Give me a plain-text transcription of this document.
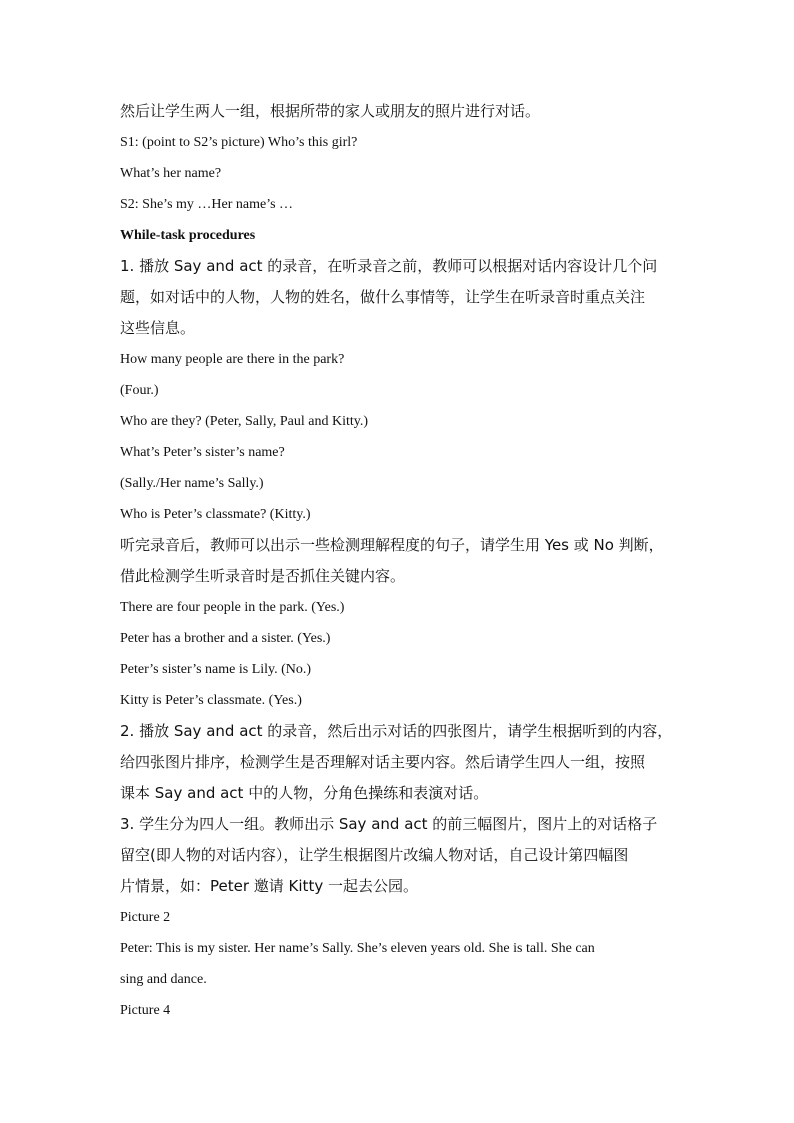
然后让学生两人一组，根据所带的家人或朋友的照片进行对话。
S1: (point to S2’s picture) Who’s this girl?
What’s her name?
S2: She’s my …Her name’s …
While-task procedures
1. 播放 Say and act 的录音，在听录音之前，教师可以根据对话内容设计几个问
题，如对话中的人物，人物的姓名，做什么事情等，让学生在听录音时重点关注
这些信息。
How many people are there in the park?
(Four.)
Who are they? (Peter, Sally, Paul and Kitty.)
What’s Peter’s sister’s name?
(Sally./Her name’s Sally.)
Who is Peter’s classmate? (Kitty.)
听完录音后，教师可以出示一些检测理解程度的句子，请学生用 Yes 或 No 判断，
借此检测学生听录音时是否抓住关键内容。
There are four people in the park. (Yes.)
Peter has a brother and a sister. (Yes.)
Peter’s sister’s name is Lily. (No.)
Kitty is Peter’s classmate. (Yes.)
2. 播放 Say and act 的录音，然后出示对话的四张图片，请学生根据听到的内容，
给四张图片排序，检测学生是否理解对话主要内容。然后请学生四人一组，按照
课本 Say and act 中的人物，分角色操练和表演对话。
3. 学生分为四人一组。教师出示 Say and act 的前三幅图片，图片上的对话格子
留空(即人物的对话内容），让学生根据图片改编人物对话，自己设计第四幅图
片情景，如：Peter 邀请 Kitty 一起去公园。
Picture 2
Peter: This is my sister. Her name’s Sally. She’s eleven years old. She is tall. She can
sing and dance.
Picture 4
